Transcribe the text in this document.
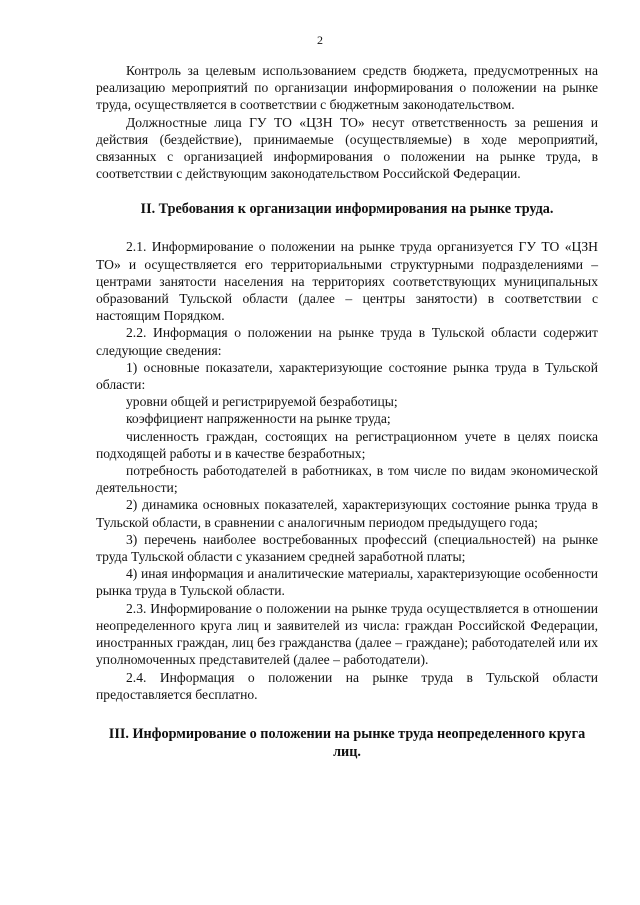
2

Контроль за целевым использованием средств бюджета, предусмотренных на реализацию мероприятий по организации информирования о положении на рынке труда, осуществляется в соответствии с бюджетным законодательством.

Должностные лица ГУ ТО «ЦЗН ТО» несут ответственность за решения и действия (бездействие), принимаемые (осуществляемые) в ходе мероприятий, связанных с организацией информирования о положении на рынке труда, в соответствии с действующим законодательством Российской Федерации.

II. Требования к организации информирования на рынке труда.

2.1. Информирование о положении на рынке труда организуется ГУ ТО «ЦЗН ТО» и осуществляется его территориальными структурными подразделениями – центрами занятости населения на территориях соответствующих муниципальных образований Тульской области (далее – центры занятости) в соответствии с настоящим Порядком.

2.2. Информация о положении на рынке труда в Тульской области содержит следующие сведения:

1) основные показатели, характеризующие состояние рынка труда в Тульской области:

уровни общей и регистрируемой безработицы;

коэффициент напряженности на рынке труда;

численность граждан, состоящих на регистрационном учете в целях поиска подходящей работы и в качестве безработных;

потребность работодателей в работниках, в том числе по видам экономической деятельности;

2) динамика основных показателей, характеризующих состояние рынка труда в Тульской области, в сравнении с аналогичным периодом предыдущего года;

3) перечень наиболее востребованных профессий (специальностей) на рынке труда Тульской области с указанием средней заработной платы;

4) иная информация и аналитические материалы, характеризующие особенности рынка труда в Тульской области.

2.3. Информирование о положении на рынке труда осуществляется в отношении неопределенного круга лиц и заявителей из числа: граждан Российской Федерации, иностранных граждан, лиц без гражданства (далее – граждане); работодателей или их уполномоченных представителей (далее – работодатели).

2.4. Информация о положении на рынке труда в Тульской области предоставляется бесплатно.

III. Информирование о положении на рынке труда неопределенного круга лиц.
